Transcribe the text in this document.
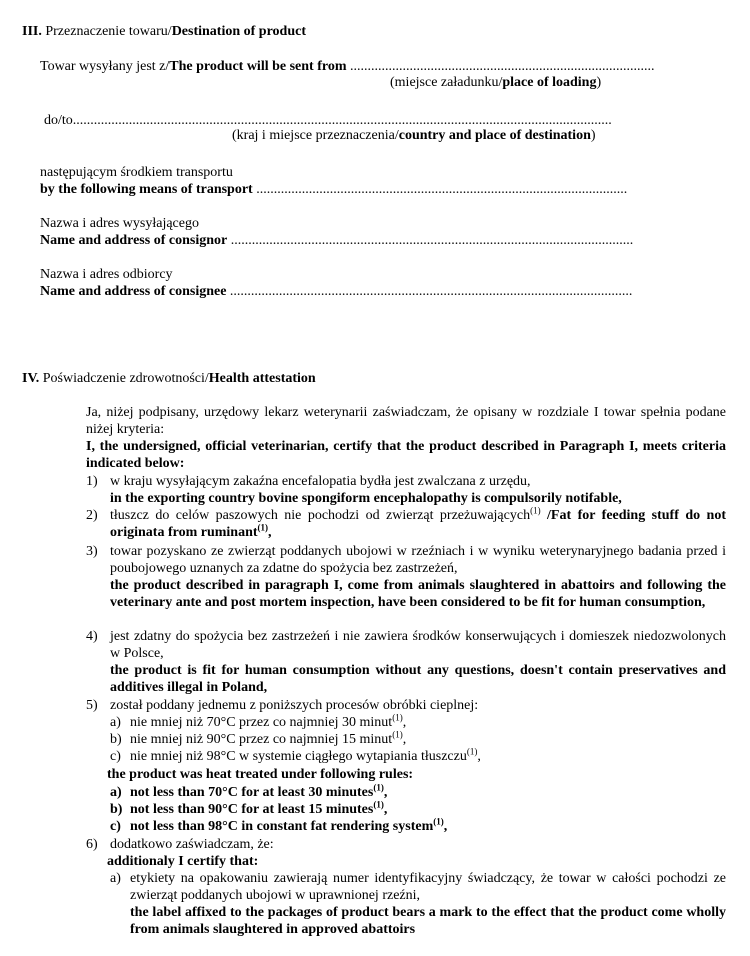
III. Przeznaczenie towaru/Destination of product
Towar wysyłany jest z/The product will be sent from .......................................................................................
(miejsce załadunku/place of loading)
do/to..........................................................................................................................................................
(kraj i miejsce przeznaczenia/country and place of destination)
następującym środkiem transportu
by the following means of transport ..........................................................................................................
Nazwa i adres wysyłającego
Name and address of consignor ...................................................................................................................
Nazwa i adres odbiorcy
Name and address of consignee ...................................................................................................................
IV. Poświadczenie zdrowotności/Health attestation
Ja, niżej podpisany, urzędowy lekarz weterynarii zaświadczam, że opisany w rozdziale I towar spełnia podane niżej kryteria:
I, the undersigned, official veterinarian, certify that the product described in Paragraph I, meets criteria indicated below:
1) w kraju wysyłającym zakaźna encefalopatia bydła jest zwalczana z urzędu,
in the exporting country bovine spongiform encephalopathy is compulsorily notifable,
2) tłuszcz do celów paszowych nie pochodzi od zwierząt przeżuwających$^{(1)}$ /Fat for feeding stuff do not originata from ruminant$^{(1)}$,
3) towar pozyskano ze zwierząt poddanych ubojowi w rzeźniach i w wyniku weterynaryjnego badania przed i poubojowego uznanych za zdatne do spożycia bez zastrzeżeń,
the product described in paragraph I, come from animals slaughtered in abattoirs and following the veterinary ante and post mortem inspection, have been considered to be fit for human consumption,
4) jest zdatny do spożycia bez zastrzeżeń i nie zawiera środków konserwujących i domieszek niedozwolonych w Polsce,
the product is fit for human consumption without any questions, doesn't contain preservatives and additives illegal in Poland,
5) został poddany jednemu z poniższych procesów obróbki cieplnej:
a) nie mniej niż 70°C przez co najmniej 30 minut$^{(1)}$,
b) nie mniej niż 90°C przez co najmniej 15 minut$^{(1)}$,
c) nie mniej niż 98°C w systemie ciągłego wytapiania tłuszczu$^{(1)}$,
the product was heat treated under following rules:
a) not less than 70°C for at least 30 minutes$^{(1)}$,
b) not less than 90°C for at least 15 minutes$^{(1)}$,
c) not less than 98°C in constant fat rendering system$^{(1)}$,
6) dodatkowo zaświadczam, że:
additionaly I certify that:
a) etykiety na opakowaniu zawierają numer identyfikacyjny świadczący, że towar w całości pochodzi ze zwierząt poddanych ubojowi w uprawnionej rzeźni,
the label affixed to the packages of product bears a mark to the effect that the product come wholly from animals slaughtered in approved abattoirs
